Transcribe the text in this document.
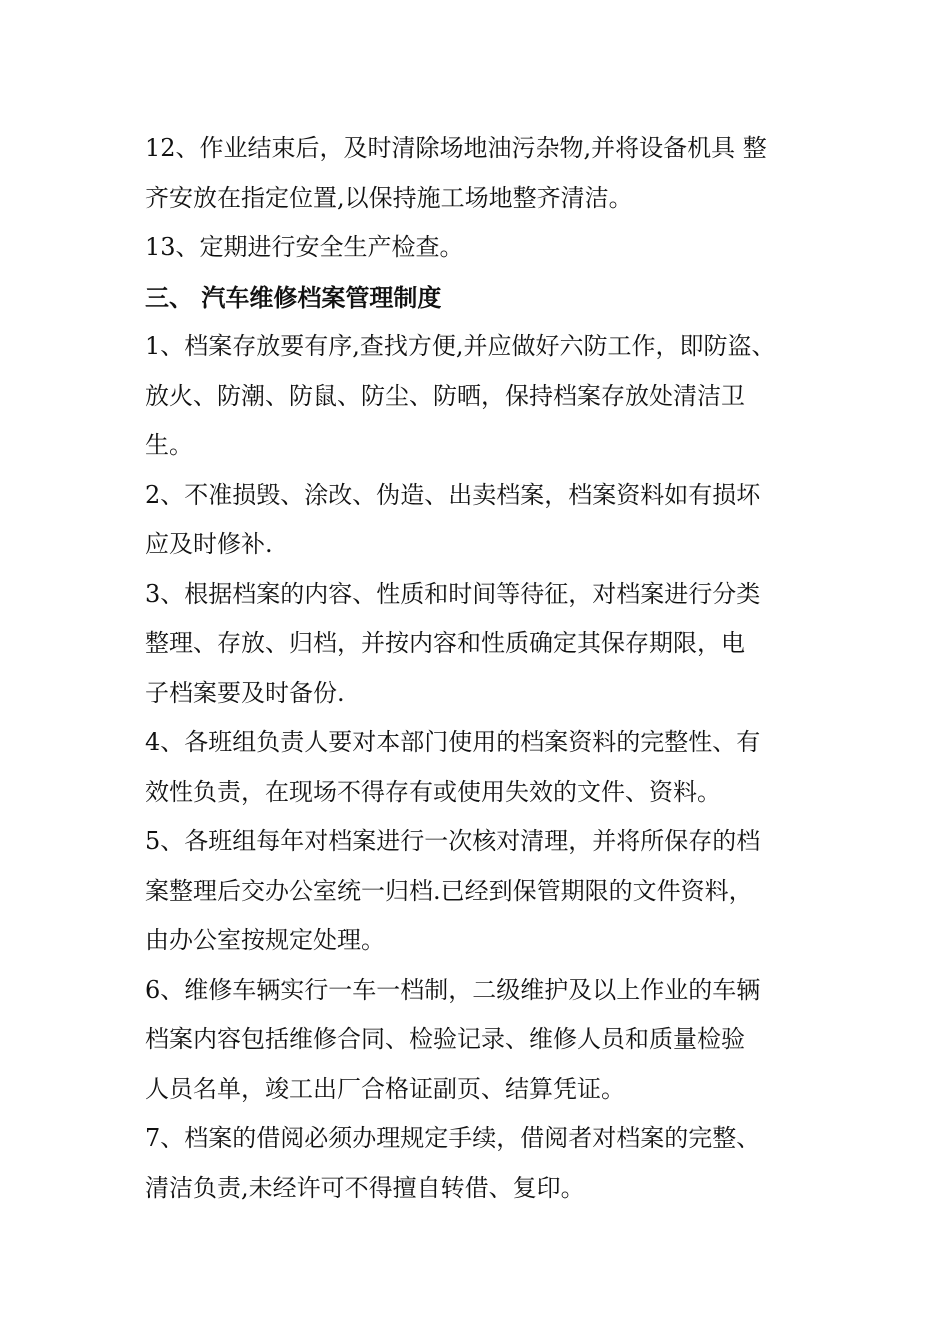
12、作业结束后，及时清除场地油污杂物,并将设备机具 整
齐安放在指定位置,以保持施工场地整齐清洁。

13、定期进行安全生产检查。

三、 汽车维修档案管理制度

1、档案存放要有序,查找方便,并应做好六防工作，即防盗、
放火、防潮、防鼠、防尘、防晒，保持档案存放处清洁卫
生。

2、不准损毁、涂改、伪造、出卖档案，档案资料如有损坏
应及时修补.

3、根据档案的内容、性质和时间等待征，对档案进行分类
整理、存放、归档，并按内容和性质确定其保存期限，电
子档案要及时备份.

4、各班组负责人要对本部门使用的档案资料的完整性、有
效性负责，在现场不得存有或使用失效的文件、资料。

5、各班组每年对档案进行一次核对清理，并将所保存的档
案整理后交办公室统一归档.已经到保管期限的文件资料，
由办公室按规定处理。

6、维修车辆实行一车一档制，二级维护及以上作业的车辆
档案内容包括维修合同、检验记录、维修人员和质量检验
人员名单，竣工出厂合格证副页、结算凭证。

7、档案的借阅必须办理规定手续，借阅者对档案的完整、
清洁负责,未经许可不得擅自转借、复印。
